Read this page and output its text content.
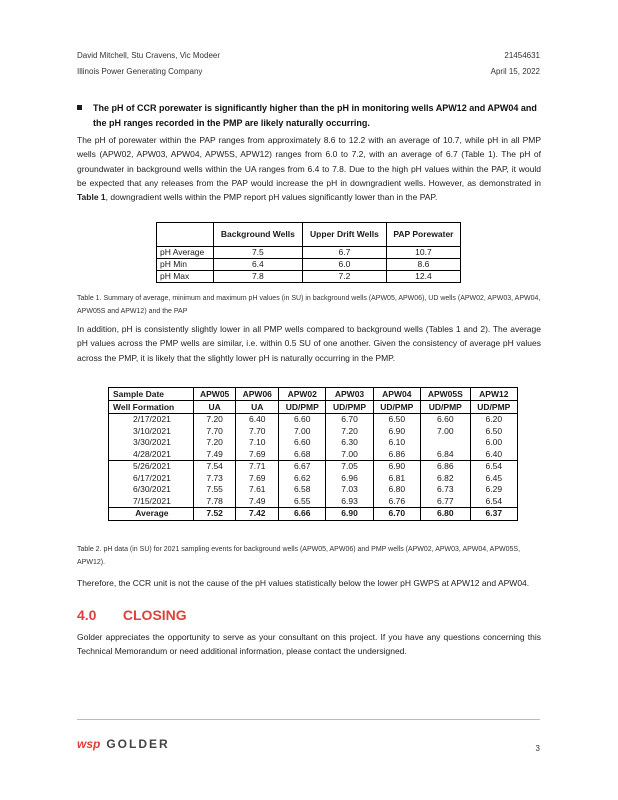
David Mitchell, Stu Cravens, Vic Modeer	21454631
Illinois Power Generating Company	April 15, 2022
The pH of CCR porewater is significantly higher than the pH in monitoring wells APW12 and APW04 and the pH ranges recorded in the PMP are likely naturally occurring.

The pH of porewater within the PAP ranges from approximately 8.6 to 12.2 with an average of 10.7, while pH in all PMP wells (APW02, APW03, APW04, APW5S, APW12) ranges from 6.0 to 7.2, with an average of 6.7 (Table 1). The pH of groundwater in background wells within the UA ranges from 6.4 to 7.8. Due to the high pH values within the PAP, it would be expected that any releases from the PAP would increase the pH in downgradient wells. However, as demonstrated in Table 1, downgradient wells within the PMP report pH values significantly lower than in the PAP.

	Background Wells	Upper Drift Wells	PAP Porewater
pH Average	7.5	6.7	10.7
pH Min	6.4	6.0	8.6
pH Max	7.8	7.2	12.4
Table 1. Summary of average, minimum and maximum pH values (in SU) in background wells (APW05, APW06), UD wells (APW02, APW03, APW04, APW05S and APW12) and the PAP

In addition, pH is consistently slightly lower in all PMP wells compared to background wells (Tables 1 and 2). The average pH values across the PMP wells are similar, i.e. within 0.5 SU of one another. Given the consistency of average pH values across the PMP, it is likely that the slightly lower pH is naturally occurring in the PMP.

Sample Date	APW05	APW06	APW02	APW03	APW04	APW05S	APW12
Well Formation	UA	UA	UD/PMP	UD/PMP	UD/PMP	UD/PMP	UD/PMP
2/17/2021	7.20	6.40	6.60	6.70	6.50	6.60	6.20
3/10/2021	7.70	7.70	7.00	7.20	6.90	7.00	6.50
3/30/2021	7.20	7.10	6.60	6.30	6.10		6.00
4/28/2021	7.49	7.69	6.68	7.00	6.86	6.84	6.40
5/26/2021	7.54	7.71	6.67	7.05	6.90	6.86	6.54
6/17/2021	7.73	7.69	6.62	6.96	6.81	6.82	6.45
6/30/2021	7.55	7.61	6.58	7.03	6.80	6.73	6.29
7/15/2021	7.78	7.49	6.55	6.93	6.76	6.77	6.54
Average	7.52	7.42	6.66	6.90	6.70	6.80	6.37
Table 2. pH data (in SU) for 2021 sampling events for background wells (APW05, APW06) and PMP wells (APW02, APW03, APW04, APW05S, APW12).

Therefore, the CCR unit is not the cause of the pH values statistically below the lower pH GWPS at APW12 and APW04.

4.0 CLOSING

Golder appreciates the opportunity to serve as your consultant on this project. If you have any questions concerning this Technical Memorandum or need additional information, please contact the undersigned.

wsp GOLDER	3
